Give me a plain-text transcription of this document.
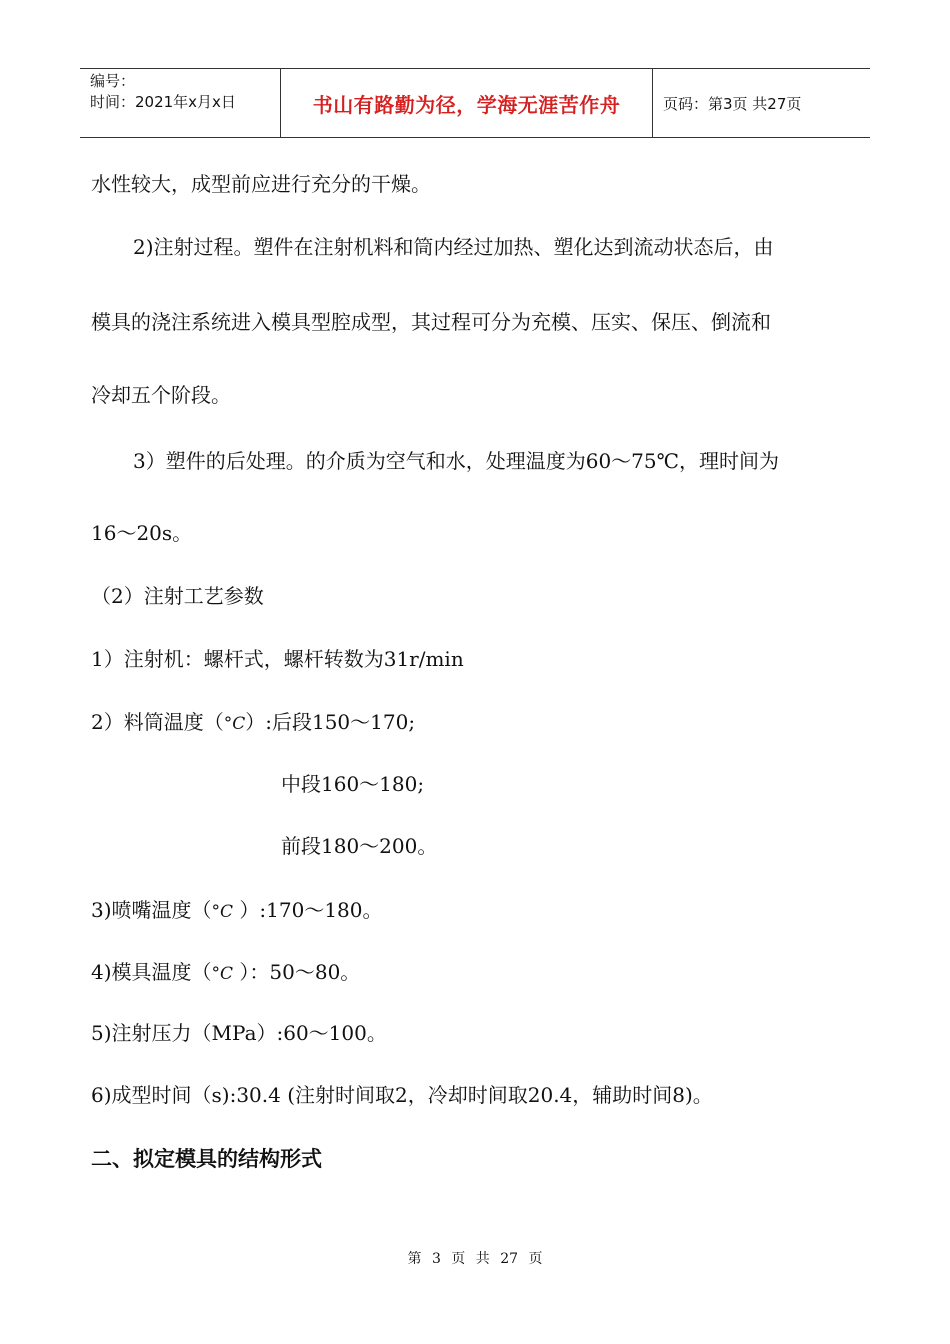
编号：
时间：2021年x月x日	书山有路勤为径，学海无涯苦作舟	页码：第3页 共27页
水性较大，成型前应进行充分的干燥。
2)注射过程。塑件在注射机料和筒内经过加热、塑化达到流动状态后，由
模具的浇注系统进入模具型腔成型，其过程可分为充模、压实、保压、倒流和
冷却五个阶段。
3）塑件的后处理。的介质为空气和水，处理温度为60～75℃，理时间为
16～20s。
（2）注射工艺参数
1）注射机：螺杆式，螺杆转数为31r/min
2）料筒温度（°C）:后段150～170;
中段160～180;
前段180～200。
3)喷嘴温度（°C ）:170～180。
4)模具温度（°C ）：50～80。
5)注射压力（MPa）:60～100。
6)成型时间（s):30.4 (注射时间取2，冷却时间取20.4，辅助时间8)。
二、拟定模具的结构形式
第 3 页 共 27 页
